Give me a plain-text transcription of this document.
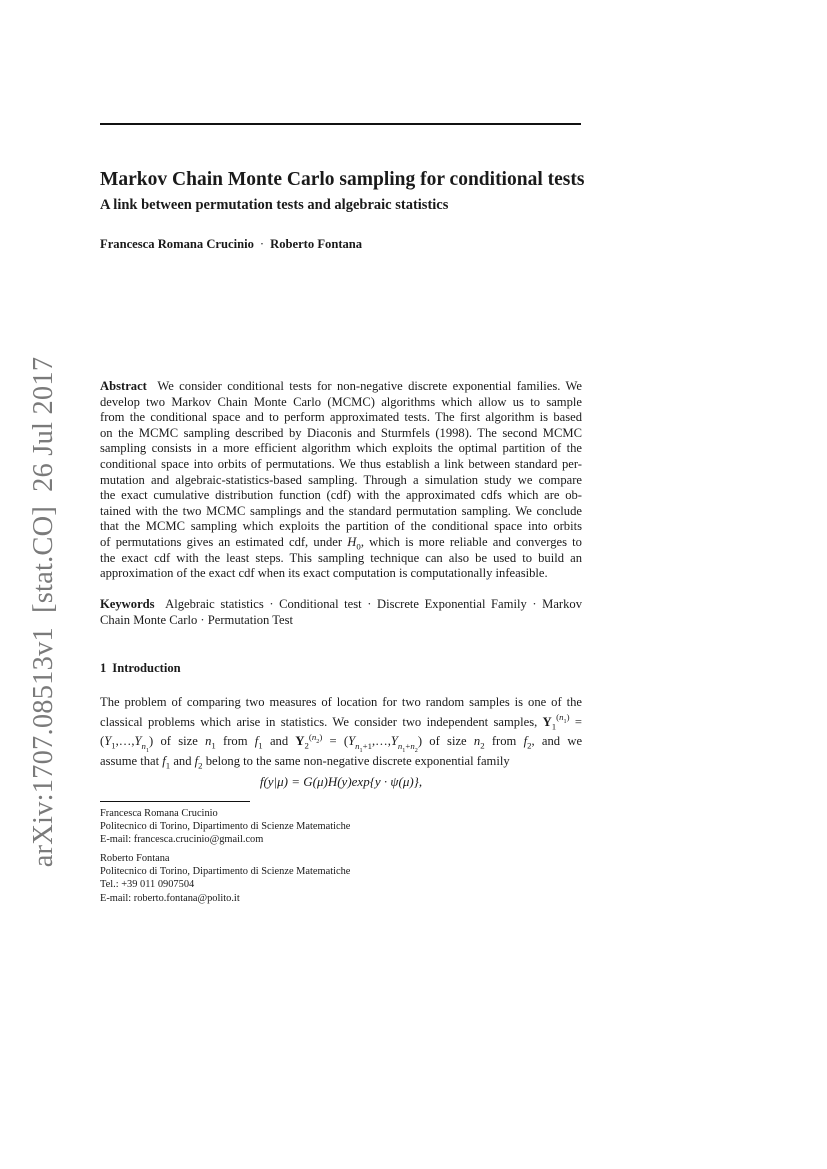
arXiv:1707.08513v1[stat.CO]26 Jul 2017
Markov Chain Monte Carlo sampling for conditional tests
A link between permutation tests and algebraic statistics
Francesca Romana Crucinio · Roberto Fontana
Abstract We consider conditional tests for non-negative discrete exponential families. We
develop two Markov Chain Monte Carlo (MCMC) algorithms which allow us to sample
from the conditional space and to perform approximated tests. The first algorithm is based
on the MCMC sampling described by Diaconis and Sturmfels (1998). The second MCMC
sampling consists in a more efficient algorithm which exploits the optimal partition of the
conditional space into orbits of permutations. We thus establish a link between standard per-
mutation and algebraic-statistics-based sampling. Through a simulation study we compare
the exact cumulative distribution function (cdf) with the approximated cdfs which are ob-
tained with the two MCMC samplings and the standard permutation sampling. We conclude
that the MCMC sampling which exploits the partition of the conditional space into orbits
of permutations gives an estimated cdf, under $H_0$, which is more reliable and converges to
the exact cdf with the least steps. This sampling technique can also be used to build an
approximation of the exact cdf when its exact computation is computationally infeasible.
Keywords Algebraic statistics · Conditional test · Discrete Exponential Family · Markov
Chain Monte Carlo · Permutation Test
1 Introduction
The problem of comparing two measures of location for two random samples is one of the
classical problems which arise in statistics. We consider two independent samples, $Y_1^{(n_1)}$ =
$(Y_1,\dots,Y_{n_1})$ of size $n_1$ from $f_1$ and $Y_2^{(n_2)}$ = $(Y_{n_1+1},\dots,Y_{n_1+n_2})$ of size $n_2$ from $f_2$, and we
assume that $f_1$ and $f_2$ belong to the same non-negative discrete exponential family
f(y|μ) = G(μ)H(y)exp{y · ψ(μ)},
Francesca Romana Crucinio
Politecnico di Torino, Dipartimento di Scienze Matematiche
E-mail: francesca.crucinio@gmail.com
Roberto Fontana
Politecnico di Torino, Dipartimento di Scienze Matematiche
Tel.: +39 011 0907504
E-mail: roberto.fontana@polito.it
